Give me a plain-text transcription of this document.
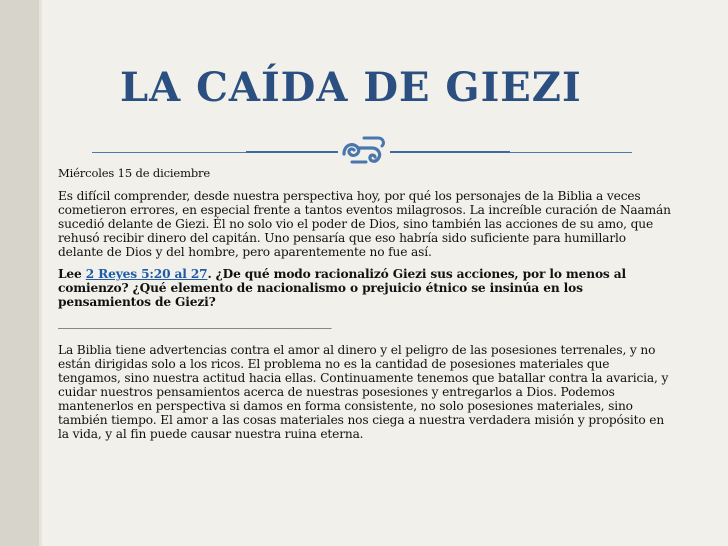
LA CAÍDA DE GIEZI

Miércoles 15 de diciembre

Es difícil comprender, desde nuestra perspectiva hoy, por qué los personajes de la Biblia a veces cometieron errores, en especial frente a tantos eventos milagrosos. La increíble curación de Naamán sucedió delante de Giezi. Él no solo vio el poder de Dios, sino también las acciones de su amo, que rehusó recibir dinero del capitán. Uno pensaría que eso habría sido suficiente para humillarlo delante de Dios y del hombre, pero aparentemente no fue así.

Lee 2 Reyes 5:20 al 27. ¿De qué modo racionalizó Giezi sus acciones, por lo menos al comienzo? ¿Qué elemento de nacionalismo o prejuicio étnico se insinúa en los pensamientos de Giezi?

______________________________________________

La Biblia tiene advertencias contra el amor al dinero y el peligro de las posesiones terrenales, y no están dirigidas solo a los ricos. El problema no es la cantidad de posesiones materiales que tengamos, sino nuestra actitud hacia ellas. Continuamente tenemos que batallar contra la avaricia, y cuidar nuestros pensamientos acerca de nuestras posesiones y entregarlos a Dios. Podemos mantenerlos en perspectiva si damos en forma consistente, no solo posesiones materiales, sino también tiempo. El amor a las cosas materiales nos ciega a nuestra verdadera misión y propósito en la vida, y al fin puede causar nuestra ruina eterna.
